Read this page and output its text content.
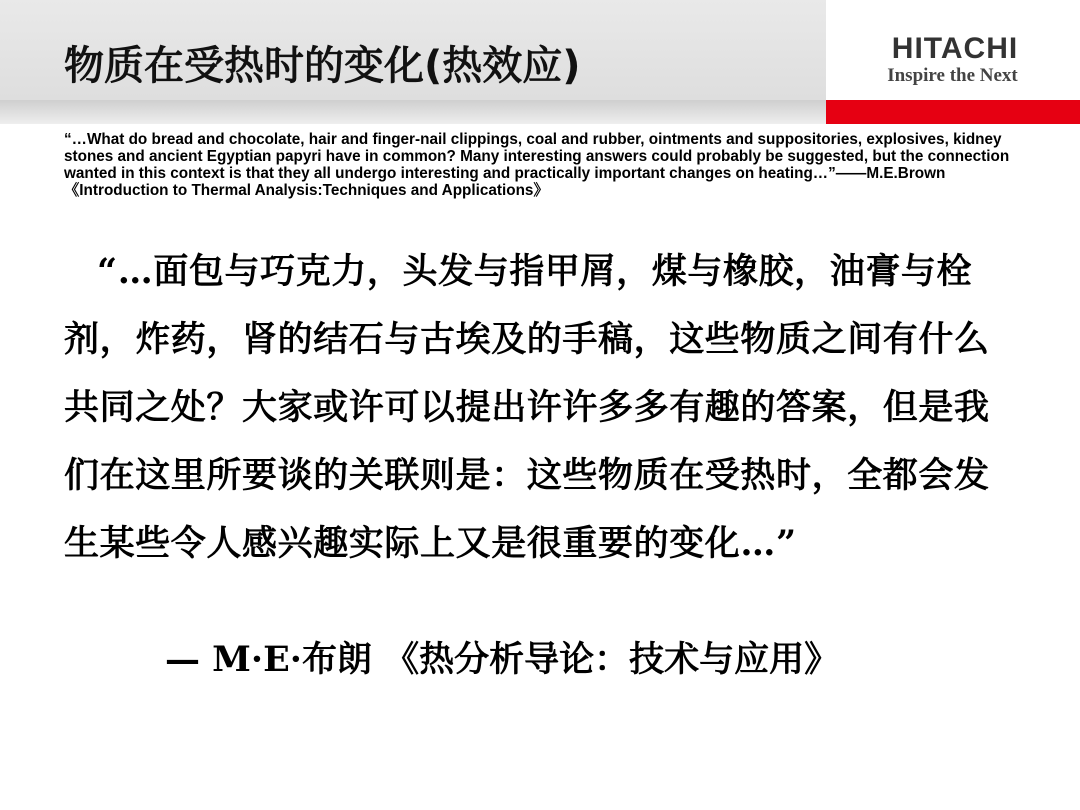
HITACHI
Inspire the Next
物质在受热时的变化(热效应)
“…What do bread and chocolate, hair and finger-nail clippings, coal and rubber, ointments and suppositories, explosives, kidney stones and ancient Egyptian papyri have in common? Many interesting answers could probably be suggested, but the connection wanted in this context is that they all undergo interesting and practically important changes on heating…”——M.E.Brown《Introduction to Thermal Analysis:Techniques and Applications》
“…面包与巧克力，头发与指甲屑，煤与橡胶，油膏与栓剂，炸药，肾的结石与古埃及的手稿，这些物质之间有什么共同之处？大家或许可以提出许许多多有趣的答案，但是我们在这里所要谈的关联则是：这些物质在受热时，全都会发生某些令人感兴趣实际上又是很重要的变化…”
— M·E·布朗 《热分析导论：技术与应用》
